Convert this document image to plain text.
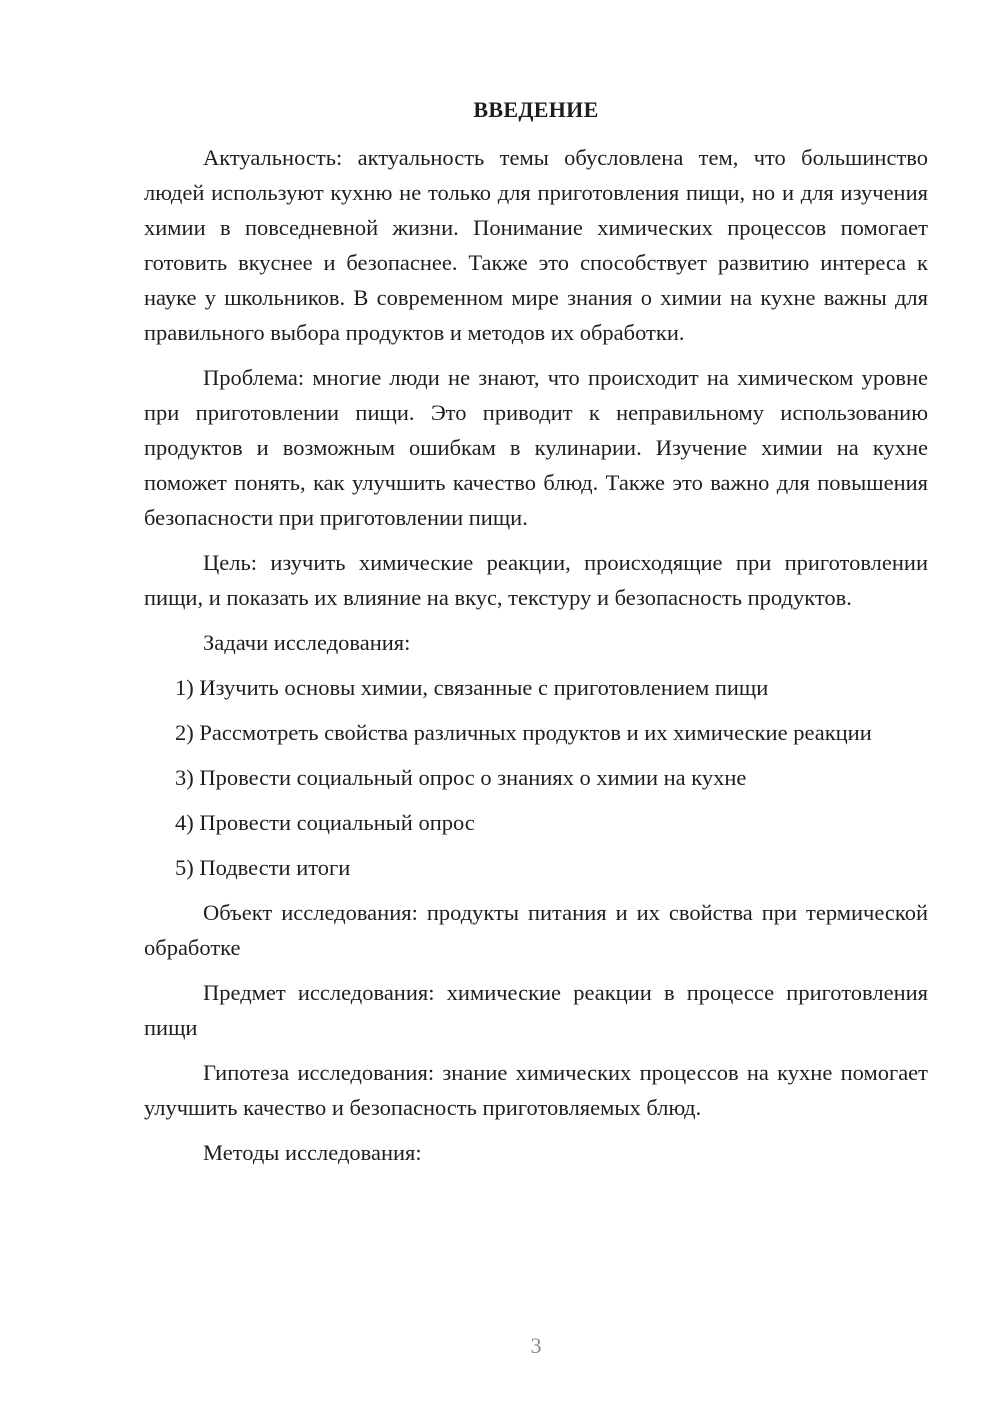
ВВЕДЕНИЕ

Актуальность: актуальность темы обусловлена тем, что большинство людей используют кухню не только для приготовления пищи, но и для изучения химии в повседневной жизни. Понимание химических процессов помогает готовить вкуснее и безопаснее. Также это способствует развитию интереса к науке у школьников. В современном мире знания о химии на кухне важны для правильного выбора продуктов и методов их обработки.

Проблема: многие люди не знают, что происходит на химическом уровне при приготовлении пищи. Это приводит к неправильному использованию продуктов и возможным ошибкам в кулинарии. Изучение химии на кухне поможет понять, как улучшить качество блюд. Также это важно для повышения безопасности при приготовлении пищи.

Цель: изучить химические реакции, происходящие при приготовлении пищи, и показать их влияние на вкус, текстуру и безопасность продуктов.

Задачи исследования:

1) Изучить основы химии, связанные с приготовлением пищи

2) Рассмотреть свойства различных продуктов и их химические реакции

3) Провести социальный опрос о знаниях о химии на кухне

4) Провести социальный опрос

5) Подвести итоги

Объект исследования: продукты питания и их свойства при термической обработке

Предмет исследования: химические реакции в процессе приготовления пищи

Гипотеза исследования: знание химических процессов на кухне помогает улучшить качество и безопасность приготовляемых блюд.

Методы исследования:

3
